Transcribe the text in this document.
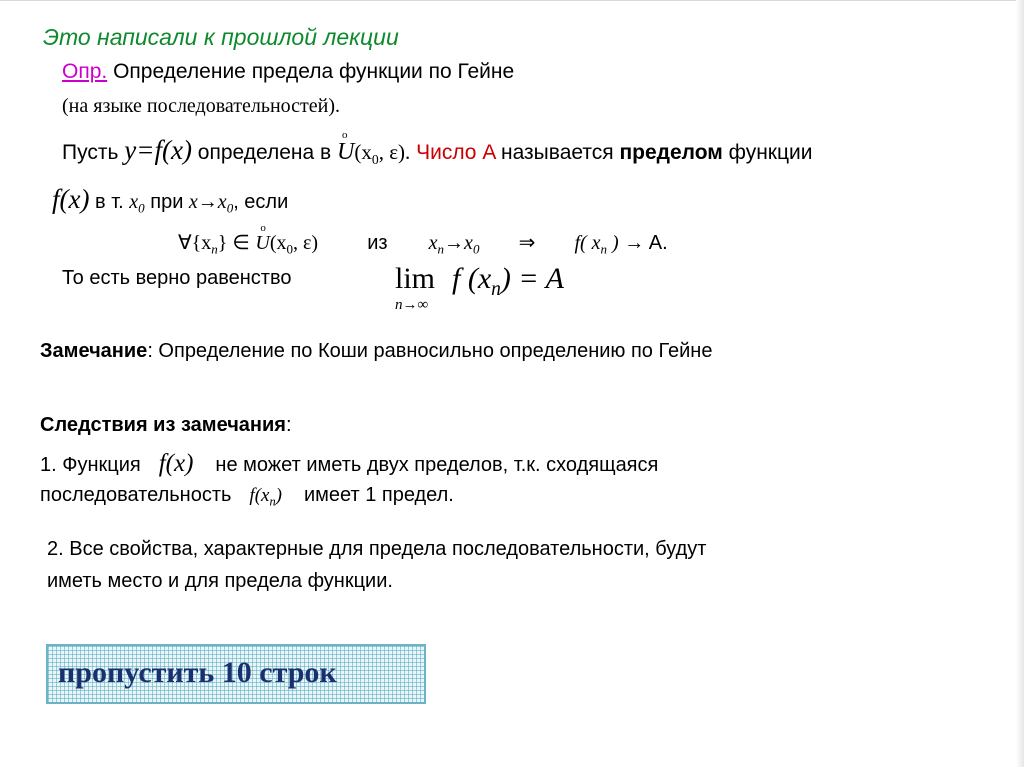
Это написали к прошлой лекции
Опр. Определение предела функции по Гейне
(на языке последовательностей).
Пусть y=f(x) определена в o $U(x_0$, ε). Число A называется пределом функции
f(x) в т. $x_0$ при $x\to x_0$, если
$\forall\{x_n\}$ ∈ o $U(x_0$, ε) из $x_n\to x_0$ ⇒ f( $x_n$ ) → A.
То есть верно равенство	lim
n→∞
f $(x_n) = A$
Замечание: Определение по Коши равносильно определению по Гейне
Следствия из замечания:
1. Функция f(x) не может иметь двух пределов, т.к. сходящаяся
последовательность $f(x_n)$ имеет 1 предел.
2. Все свойства, характерные для предела последовательности, будут
иметь место и для предела функции.
пропустить 10 строк
